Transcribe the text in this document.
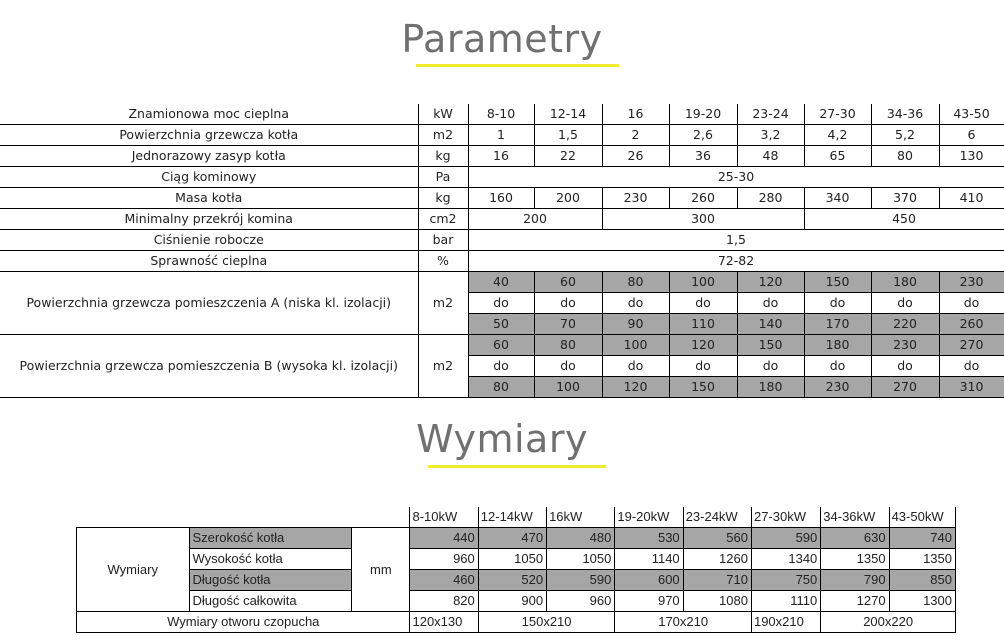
Parametry
Znamionowa moc cieplna	kW	8-10	12-14	16	19-20	23-24	27-30	34-36	43-50
Powierzchnia grzewcza kotła	m2	1	1,5	2	2,6	3,2	4,2	5,2	6
Jednorazowy zasyp kotła	kg	16	22	26	36	48	65	80	130
Ciąg kominowy	Pa	25-30							
Masa kotła	kg	160	200	230	260	280	340	370	410
Minimalny przekrój komina	cm2	200		300			450		
Ciśnienie robocze	bar	1,5							
Sprawność cieplna	%	72-82							
Powierzchnia grzewcza pomieszczenia A (niska kl. izolacji)	m2	40	60	80	100	120	150	180	230
		do	do	do	do	do	do	do	do
		50	70	90	110	140	170	220	260
Powierzchnia grzewcza pomieszczenia B (wysoka kl. izolacji)	m2	60	80	100	120	150	180	230	270
		do	do	do	do	do	do	do	do
		80	100	120	150	180	230	270	310
Wymiary
			8-10kW	12-14kW	16kW	19-20kW	23-24kW	27-30kW	34-36kW	43-50kW
Wymiary	Szerokość kotła	mm	440	470	480	530	560	590	630	740
	Wysokość kotła		960	1050	1050	1140	1260	1340	1350	1350
	Długość kotła		460	520	590	600	710	750	790	850
	Długość całkowita		820	900	960	970	1080	1110	1270	1300
Wymiary otworu czopucha			120x130	150x210		170x210		190x210	200x220	
